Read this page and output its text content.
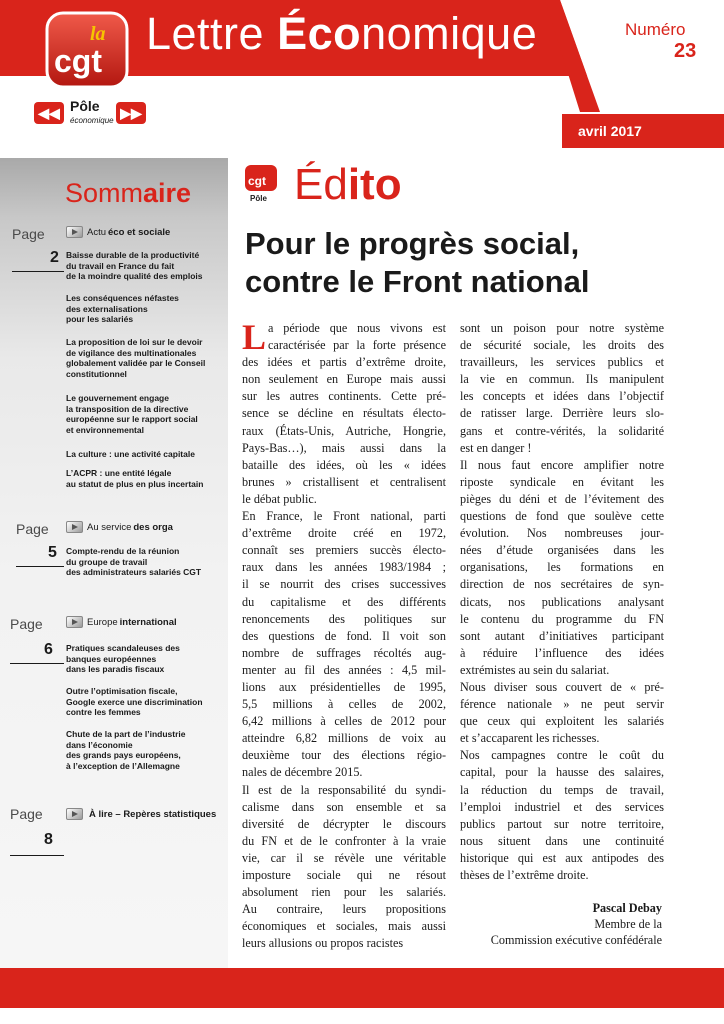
avril 2017
Numéro
23
la
cgt
Lettre Économique
◀◀ Pôle
économique ▶▶
Sommaire
Page	Actu éco et sociale
2 Baisse durable de la productivité
du travail en France du fait
de la moindre qualité des emplois
Les conséquences néfastes
des externalisations
pour les salariés
La proposition de loi sur le devoir
de vigilance des multinationales
globalement validée par le Conseil
constitutionnel
Le gouvernement engage
la transposition de la directive
européenne sur le rapport social
et environnemental
La culture : une activité capitale
L’ACPR : une entité légale
au statut de plus en plus incertain
Page	Au service des orga
5 Compte-rendu de la réunion
du groupe de travail
des administrateurs salariés CGT
Page	Europe international
6 Pratiques scandaleuses des
banques européennes
dans les paradis fiscaux
Outre l’optimisation fiscale,
Google exerce une discrimination
contre les femmes
Chute de la part de l’industrie
dans l’économie
des grands pays européens,
à l’exception de l’Allemagne
Page	À lire – Repères statistiques
8
cgt
Pôle Édito
Pour le progrès social,
contre le Front national
L a période que nous vivons est
caractérisée par la forte présence
des idées et partis d’extrême droite,
non seulement en Europe mais aussi
sur les autres continents. Cette pré-
sence se décline en résultats électo-
raux (États-Unis, Autriche, Hongrie,
Pays-Bas…), mais aussi dans la
bataille des idées, où les « idées
brunes » cristallisent et centralisent
le débat public.
En France, le Front national, parti
d’extrême droite créé en 1972,
connaît ses premiers succès électo-
raux dans les années 1983/1984 ;
il se nourrit des crises successives
du capitalisme et des différents
renoncements des politiques sur
des questions de fond. Il voit son
nombre de suffrages récoltés aug-
menter au fil des années : 4,5 mil-
lions aux présidentielles de 1995,
5,5 millions à celles de 2002,
6,42 millions à celles de 2012 pour
atteindre 6,82 millions de voix au
deuxième tour des élections régio-
nales de décembre 2015.
Il est de la responsabilité du syndi-
calisme dans son ensemble et sa
diversité de décrypter le discours
du FN et de le confronter à la vraie
vie, car il se révèle une véritable
imposture sociale qui ne résout
absolument rien pour les salariés.
Au contraire, leurs propositions
économiques et sociales, mais aussi
leurs allusions ou propos racistes
sont un poison pour notre système
de sécurité sociale, les droits des
travailleurs, les services publics et
la vie en commun. Ils manipulent
les concepts et idées dans l’objectif
de ratisser large. Derrière leurs slo-
gans et contre-vérités, la solidarité
est en danger !
Il nous faut encore amplifier notre
riposte syndicale en évitant les
pièges du déni et de l’évitement des
questions de fond que soulève cette
évolution. Nos nombreuses jour-
nées d’étude organisées dans les
organisations, les formations en
direction de nos secrétaires de syn-
dicats, nos publications analysant
le contenu du programme du FN
sont autant d’initiatives participant
à réduire l’influence des idées
extrémistes au sein du salariat.
Nous diviser sous couvert de « pré-
férence nationale » ne peut servir
que ceux qui exploitent les salariés
et s’accaparent les richesses.
Nos campagnes contre le coût du
capital, pour la hausse des salaires,
la réduction du temps de travail,
l’emploi industriel et des services
publics partout sur notre territoire,
nous situent dans une continuité
historique qui est aux antipodes des
thèses de l’extrême droite.
Pascal Debay
Membre de la
Commission exécutive confédérale
